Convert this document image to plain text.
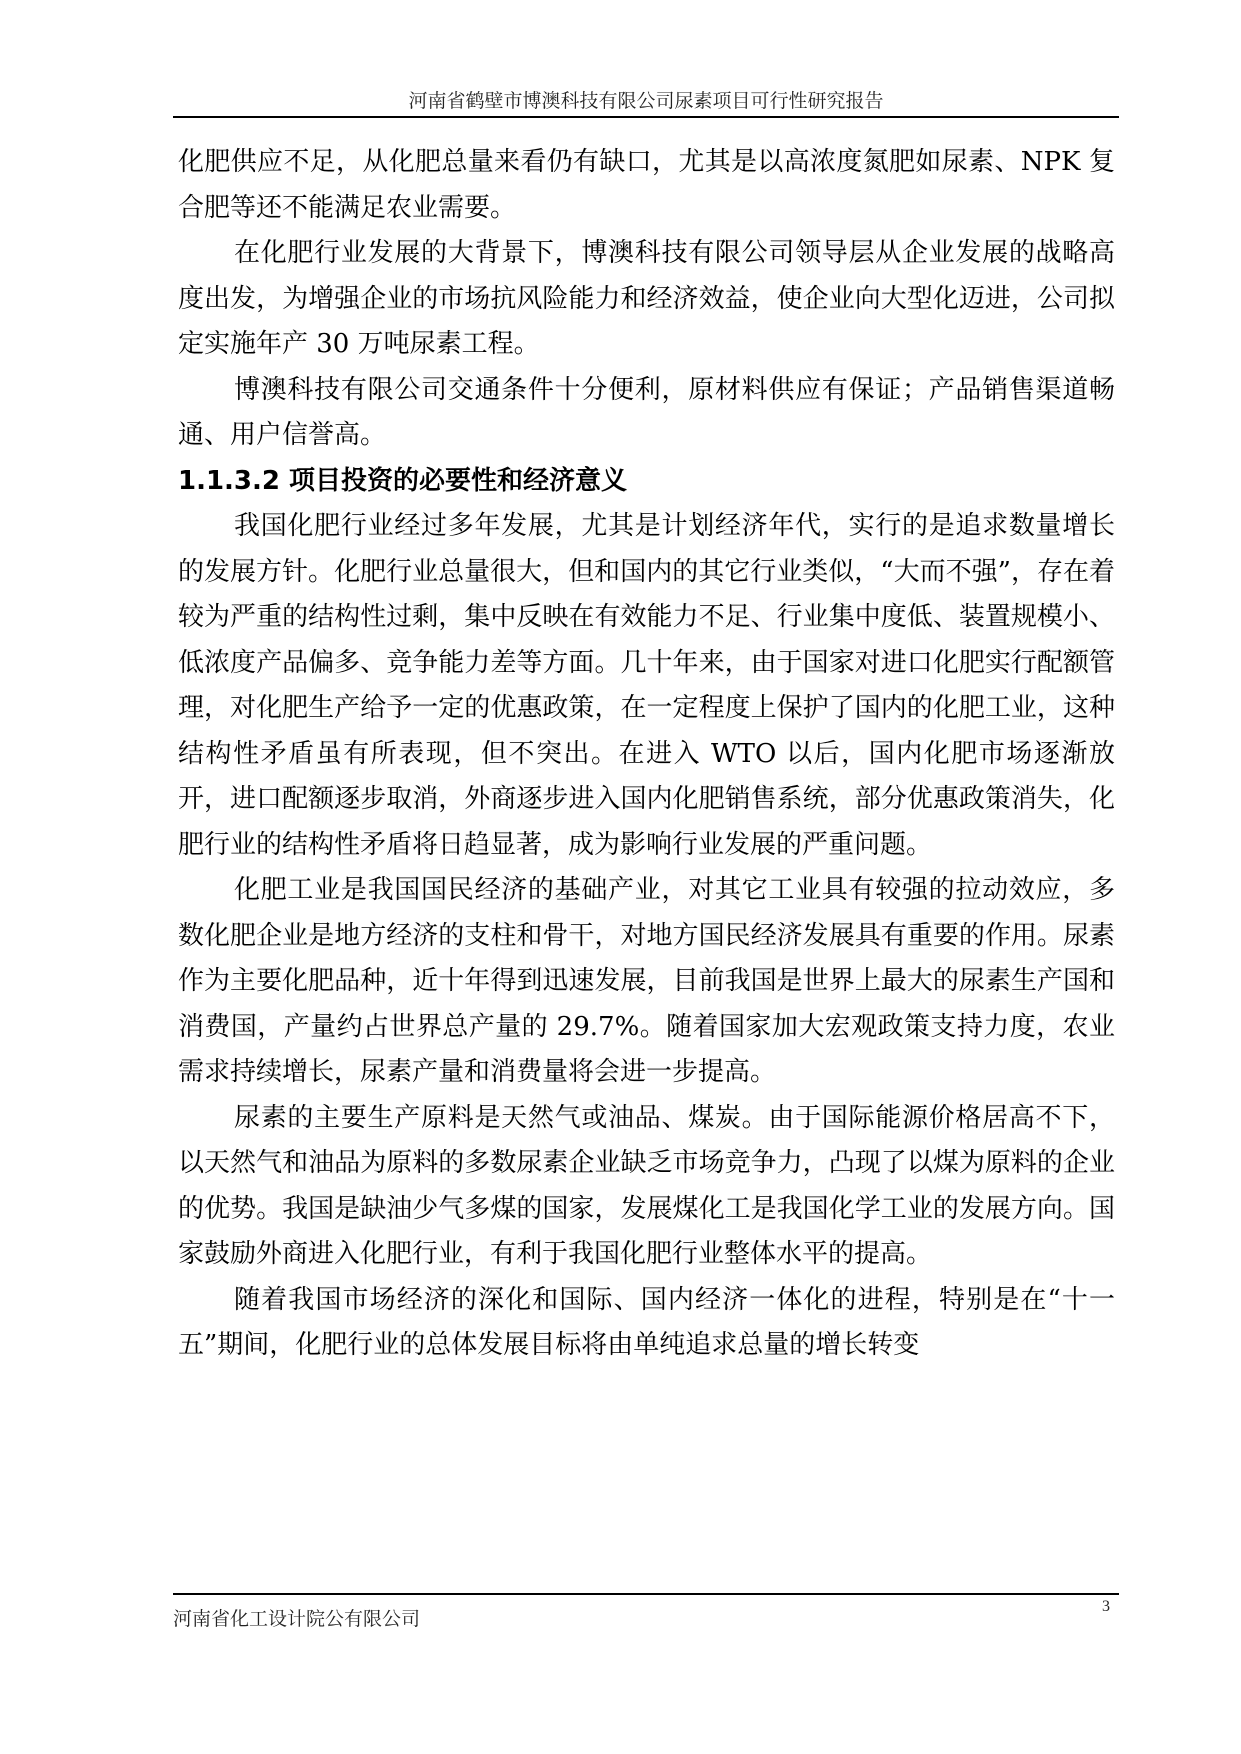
河南省鹤壁市博澳科技有限公司尿素项目可行性研究报告

化肥供应不足，从化肥总量来看仍有缺口，尤其是以高浓度氮肥如尿素、NPK 复合肥等还不能满足农业需要。

在化肥行业发展的大背景下，博澳科技有限公司领导层从企业发展的战略高度出发，为增强企业的市场抗风险能力和经济效益，使企业向大型化迈进，公司拟定实施年产 30 万吨尿素工程。

博澳科技有限公司交通条件十分便利，原材料供应有保证；产品销售渠道畅通、用户信誉高。

1.1.3.2 项目投资的必要性和经济意义

我国化肥行业经过多年发展，尤其是计划经济年代，实行的是追求数量增长的发展方针。化肥行业总量很大，但和国内的其它行业类似，“大而不强”，存在着较为严重的结构性过剩，集中反映在有效能力不足、行业集中度低、装置规模小、低浓度产品偏多、竞争能力差等方面。几十年来，由于国家对进口化肥实行配额管理，对化肥生产给予一定的优惠政策，在一定程度上保护了国内的化肥工业，这种结构性矛盾虽有所表现，但不突出。在进入 WTO 以后，国内化肥市场逐渐放开，进口配额逐步取消，外商逐步进入国内化肥销售系统，部分优惠政策消失，化肥行业的结构性矛盾将日趋显著，成为影响行业发展的严重问题。

化肥工业是我国国民经济的基础产业，对其它工业具有较强的拉动效应，多数化肥企业是地方经济的支柱和骨干，对地方国民经济发展具有重要的作用。尿素作为主要化肥品种，近十年得到迅速发展，目前我国是世界上最大的尿素生产国和消费国，产量约占世界总产量的 29.7%。随着国家加大宏观政策支持力度，农业需求持续增长，尿素产量和消费量将会进一步提高。

尿素的主要生产原料是天然气或油品、煤炭。由于国际能源价格居高不下，以天然气和油品为原料的多数尿素企业缺乏市场竞争力，凸现了以煤为原料的企业的优势。我国是缺油少气多煤的国家，发展煤化工是我国化学工业的发展方向。国家鼓励外商进入化肥行业，有利于我国化肥行业整体水平的提高。

随着我国市场经济的深化和国际、国内经济一体化的进程，特别是在“十一五”期间，化肥行业的总体发展目标将由单纯追求总量的增长转变

河南省化工设计院公有限公司
3
